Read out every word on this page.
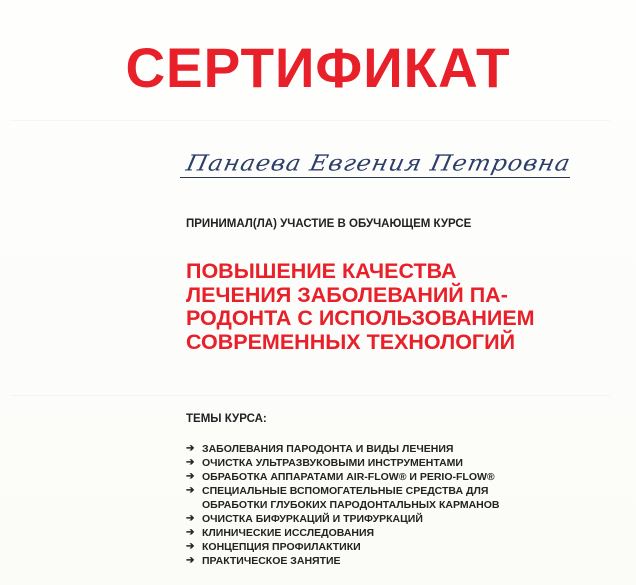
СЕРТИФИКАТ
Панаева Евгения Петровна
ПРИНИМАЛ(ЛА) УЧАСТИЕ В ОБУЧАЮЩЕМ КУРСЕ
ПОВЫШЕНИЕ КАЧЕСТВА
ЛЕЧЕНИЯ ЗАБОЛЕВАНИЙ ПА-
РОДОНТА С ИСПОЛЬЗОВАНИЕМ
СОВРЕМЕННЫХ ТЕХНОЛОГИЙ
ТЕМЫ КУРСА:
➔ ЗАБОЛЕВАНИЯ ПАРОДОНТА И ВИДЫ ЛЕЧЕНИЯ
➔ ОЧИСТКА УЛЬТРАЗВУКОВЫМИ ИНСТРУМЕНТАМИ
➔ ОБРАБОТКА АППАРАТАМИ AIR-FLOW® И PERIO-FLOW®
➔ СПЕЦИАЛЬНЫЕ ВСПОМОГАТЕЛЬНЫЕ СРЕДСТВА ДЛЯ
ОБРАБОТКИ ГЛУБОКИХ ПАРОДОНТАЛЬНЫХ КАРМАНОВ
➔ ОЧИСТКА БИФУРКАЦИЙ И ТРИФУРКАЦИЙ
➔ КЛИНИЧЕСКИЕ ИССЛЕДОВАНИЯ
➔ КОНЦЕПЦИЯ ПРОФИЛАКТИКИ
➔ ПРАКТИЧЕСКОЕ ЗАНЯТИЕ
